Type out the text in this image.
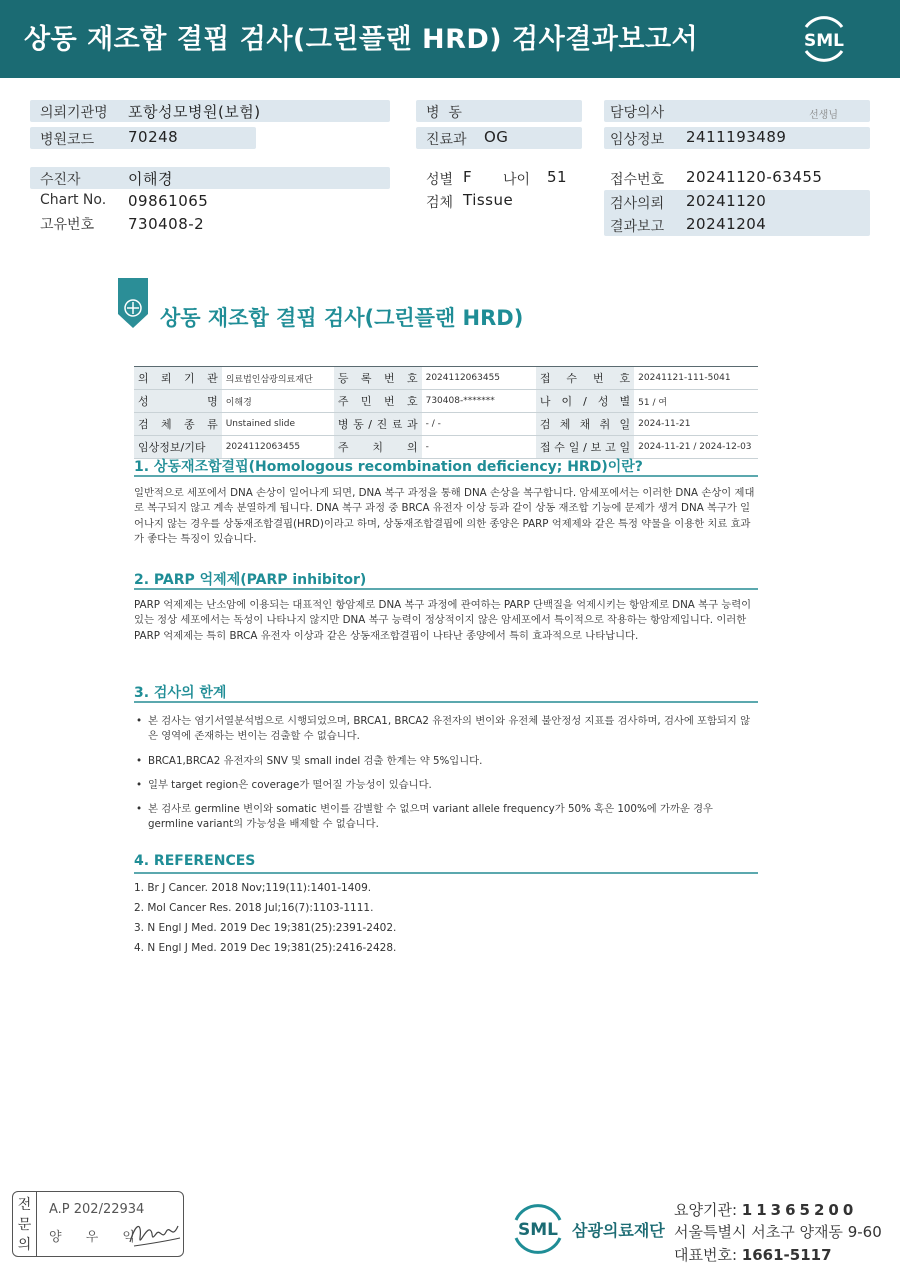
상동 재조합 결핍 검사(그린플랜 HRD) 검사결과보고서	SML
의뢰기관명 포항성모병원(보험)
병원코드 70248
병  동
진료과 OG
담당의사	선생님
임상정보 2411193489
수진자	이해경	성별 F 나이 51	접수번호 20241120-63455
Chart No. 09861065	검체 Tissue	검사의뢰 20241120
고유번호 730408-2	결과보고 20241204
상동 재조합 결핍 검사(그린플랜 HRD)
의 뢰 기 관	의료법인삼광의료재단	등 록 번 호	2024112063455	접 수 번 호	20241121-111-5041
성 명	이해경	주 민 번 호	730408-*******	나 이 / 성 별	51 / 여
검 체 종 류	Unstained slide	병 동 / 진 료 과	- / -	검 체 채 취 일	2024-11-21
임상정보/기타	2024112063455	주 치 의	-	접 수 일 / 보 고 일	2024-11-21 / 2024-12-03
1. 상동재조합결핍(Homologous recombination deficiency; HRD)이란?
일반적으로 세포에서 DNA 손상이 일어나게 되면, DNA 복구 과정을 통해 DNA 손상을 복구합니다. 암세포에서는 이러한 DNA 손상이 제대로 복구되지 않고 계속 분열하게 됩니다. DNA 복구 과정 중 BRCA 유전자 이상 등과 같이 상동 재조합 기능에 문제가 생겨 DNA 복구가 일어나지 않는 경우를 상동재조합결핍(HRD)이라고 하며, 상동재조합결핍에 의한 종양은 PARP 억제제와 같은 특정 약물을 이용한 치료 효과가 좋다는 특징이 있습니다.
2. PARP 억제제(PARP inhibitor)
PARP 억제제는 난소암에 이용되는 대표적인 항암제로 DNA 복구 과정에 관여하는 PARP 단백질을 억제시키는 항암제로 DNA 복구 능력이 있는 정상 세포에서는 독성이 나타나지 않지만 DNA 복구 능력이 정상적이지 않은 암세포에서 특이적으로 작용하는 항암제입니다. 이러한 PARP 억제제는 특히 BRCA 유전자 이상과 같은 상동재조합결핍이 나타난 종양에서 특히 효과적으로 나타납니다.
3. 검사의 한계
• 본 검사는 염기서열분석법으로 시행되었으며, BRCA1, BRCA2 유전자의 변이와 유전체 불안정성 지표를 검사하며, 검사에 포함되지 않은 영역에 존재하는 변이는 검출할 수 없습니다.
• BRCA1,BRCA2 유전자의 SNV 및 small indel 검출 한계는 약 5%입니다.
• 일부 target region은 coverage가 떨어질 가능성이 있습니다.
• 본 검사로 germline 변이와 somatic 변이를 감별할 수 없으며 variant allele frequency가 50% 혹은 100%에 가까운 경우 germline variant의 가능성을 배제할 수 없습니다.
4. REFERENCES
1. Br J Cancer. 2018 Nov;119(11):1401-1409.
2. Mol Cancer Res. 2018 Jul;16(7):1103-1111.
3. N Engl J Med. 2019 Dec 19;381(25):2391-2402.
4. N Engl J Med. 2019 Dec 19;381(25):2416-2428.
전
문
의
A.P 202/22934
양 우 익	SML 삼광의료재단
요양기관: 11365200
서울특별시 서초구 양재동 9-60
대표번호: 1661-5117
